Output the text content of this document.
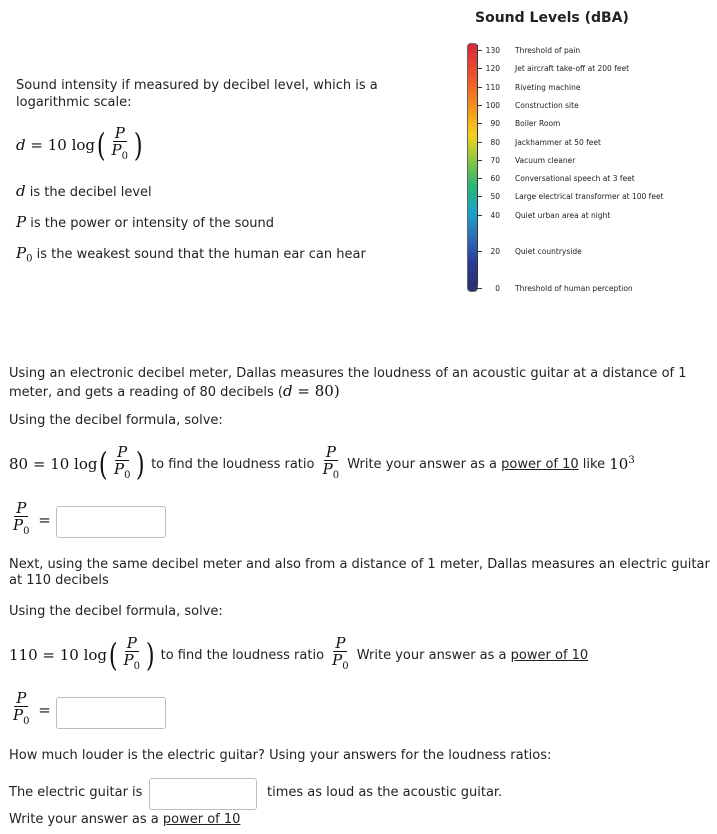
Sound intensity if measured by decibel level, which is a
logarithmic scale:
d
= 10 log ( $\frac{P}{P_0}$ )
d is the decibel level
P is the power or intensity of the sound
$P_0$ is the weakest sound that the human ear can hear
Sound Levels (dBA)
130 Threshold of pain
120 Jet aircraft take-off at 200 feet
110 Riveting machine
100 Construction site
90 Boiler Room
80 Jackhammer at 50 feet
70 Vacuum cleaner
60 Conversational speech at 3 feet
50 Large electrical transformer at 100 feet
40 Quiet urban area at night
20 Quiet countryside
0 Threshold of human perception
Using an electronic decibel meter, Dallas measures the loudness of an acoustic guitar at a distance of 1
meter, and gets a reading of 80 decibels (d = 80)
Using the decibel formula, solve:
80 = 10 log ( $\frac{P}{P_0}$ )
to find the loudness ratio
$\frac{P}{P_0}$
Write your answer as a
power of 10
like
$10^3$
$\frac{P}{P_0}$ =
Next, using the same decibel meter and also from a distance of 1 meter, Dallas measures an electric guitar
at 110 decibels
Using the decibel formula, solve:
110 = 10 log ( $\frac{P}{P_0}$ )
to find the loudness ratio
$\frac{P}{P_0}$
Write your answer as a
power of 10
$\frac{P}{P_0}$ =
How much louder is the electric guitar? Using your answers for the loudness ratios:
The electric guitar is	times as loud as the acoustic guitar.
Write your answer as a power of 10
